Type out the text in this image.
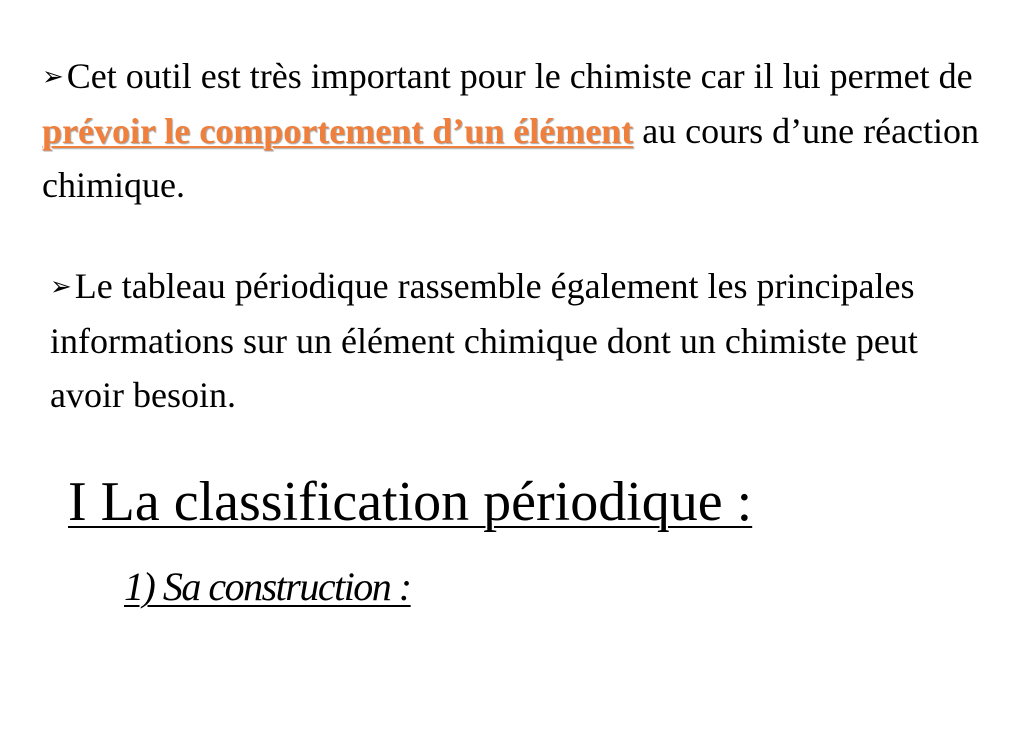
➢Cet outil est très important pour le chimiste car il lui permet de prévoir le comportement d’un élément au cours d’une réaction chimique.

➢Le tableau périodique rassemble également les principales informations sur un élément chimique dont un chimiste peut avoir besoin.

I La classification périodique :
1) Sa construction :
